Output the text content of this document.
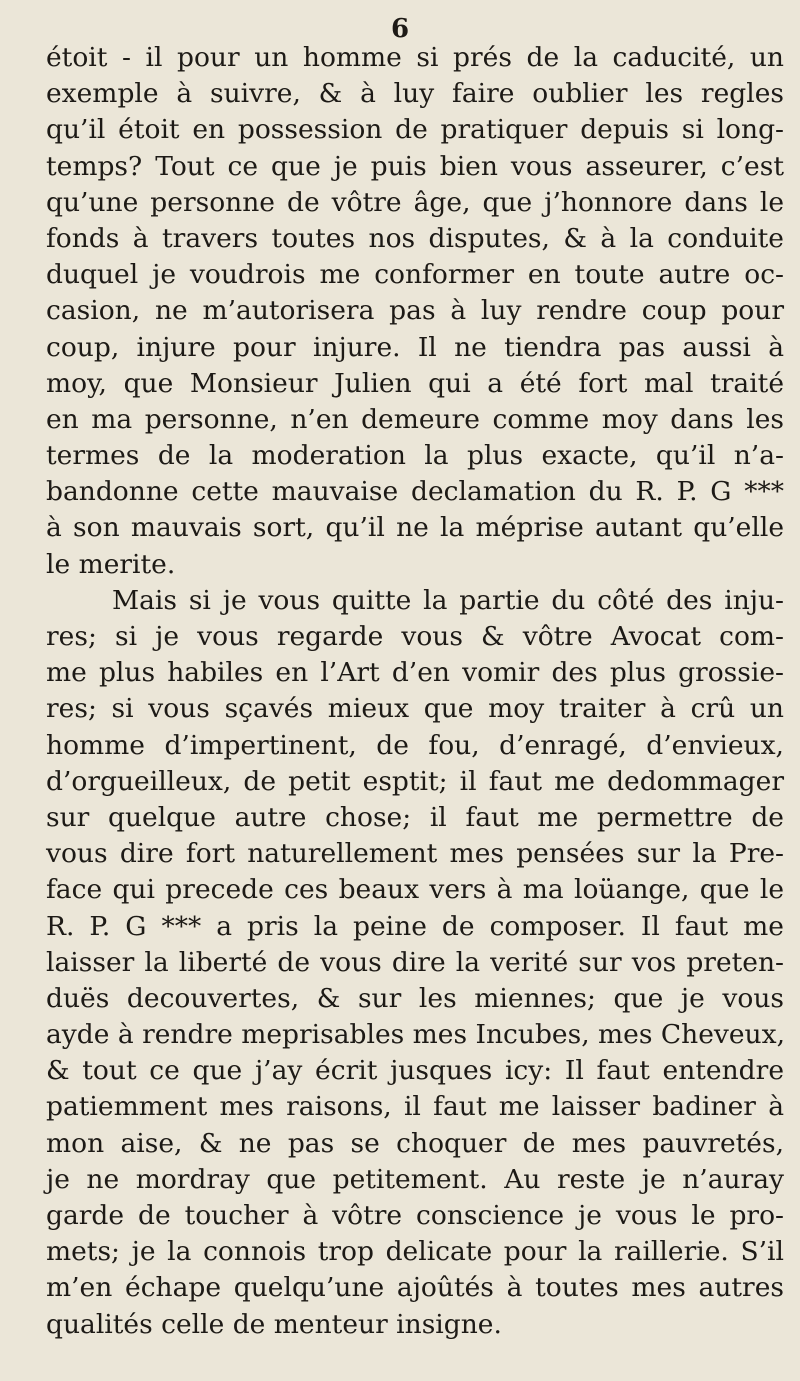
6

étoit - il pour un homme si prés de la caducité, un
exemple à suivre, & à luy faire oublier les regles
qu’il étoit en possession de pratiquer depuis si long-
temps? Tout ce que je puis bien vous asseurer, c’est
qu’une personne de vôtre âge, que j’honnore dans le
fonds à travers toutes nos disputes, & à la conduite
duquel je voudrois me conformer en toute autre oc-
casion, ne m’autorisera pas à luy rendre coup pour
coup, injure pour injure. Il ne tiendra pas aussi à
moy, que Monsieur Julien qui a été fort mal traité
en ma personne, n’en demeure comme moy dans les
termes de la moderation la plus exacte, qu’il n’a-
bandonne cette mauvaise declamation du R. P. G ***
à son mauvais sort, qu’il ne la méprise autant qu’elle
le merite.

Mais si je vous quitte la partie du côté des inju-
res; si je vous regarde vous & vôtre Avocat com-
me plus habiles en l’Art d’en vomir des plus grossie-
res; si vous sçavés mieux que moy traiter à crû un
homme d’impertinent, de fou, d’enragé, d’envieux,
d’orgueilleux, de petit esptit; il faut me dedommager
sur quelque autre chose; il faut me permettre de
vous dire fort naturellement mes pensées sur la Pre-
face qui precede ces beaux vers à ma loüange, que le
R. P. G *** a pris la peine de composer. Il faut me
laisser la liberté de vous dire la verité sur vos preten-
duës decouvertes, & sur les miennes; que je vous
ayde à rendre meprisables mes Incubes, mes Cheveux,
& tout ce que j’ay écrit jusques icy: Il faut entendre
patiemment mes raisons, il faut me laisser badiner à
mon aise, & ne pas se choquer de mes pauvretés,
je ne mordray que petitement. Au reste je n’auray
garde de toucher à vôtre conscience je vous le pro-
mets; je la connois trop delicate pour la raillerie. S’il
m’en échape quelqu’une ajoûtés à toutes mes autres
qualités celle de menteur insigne.
